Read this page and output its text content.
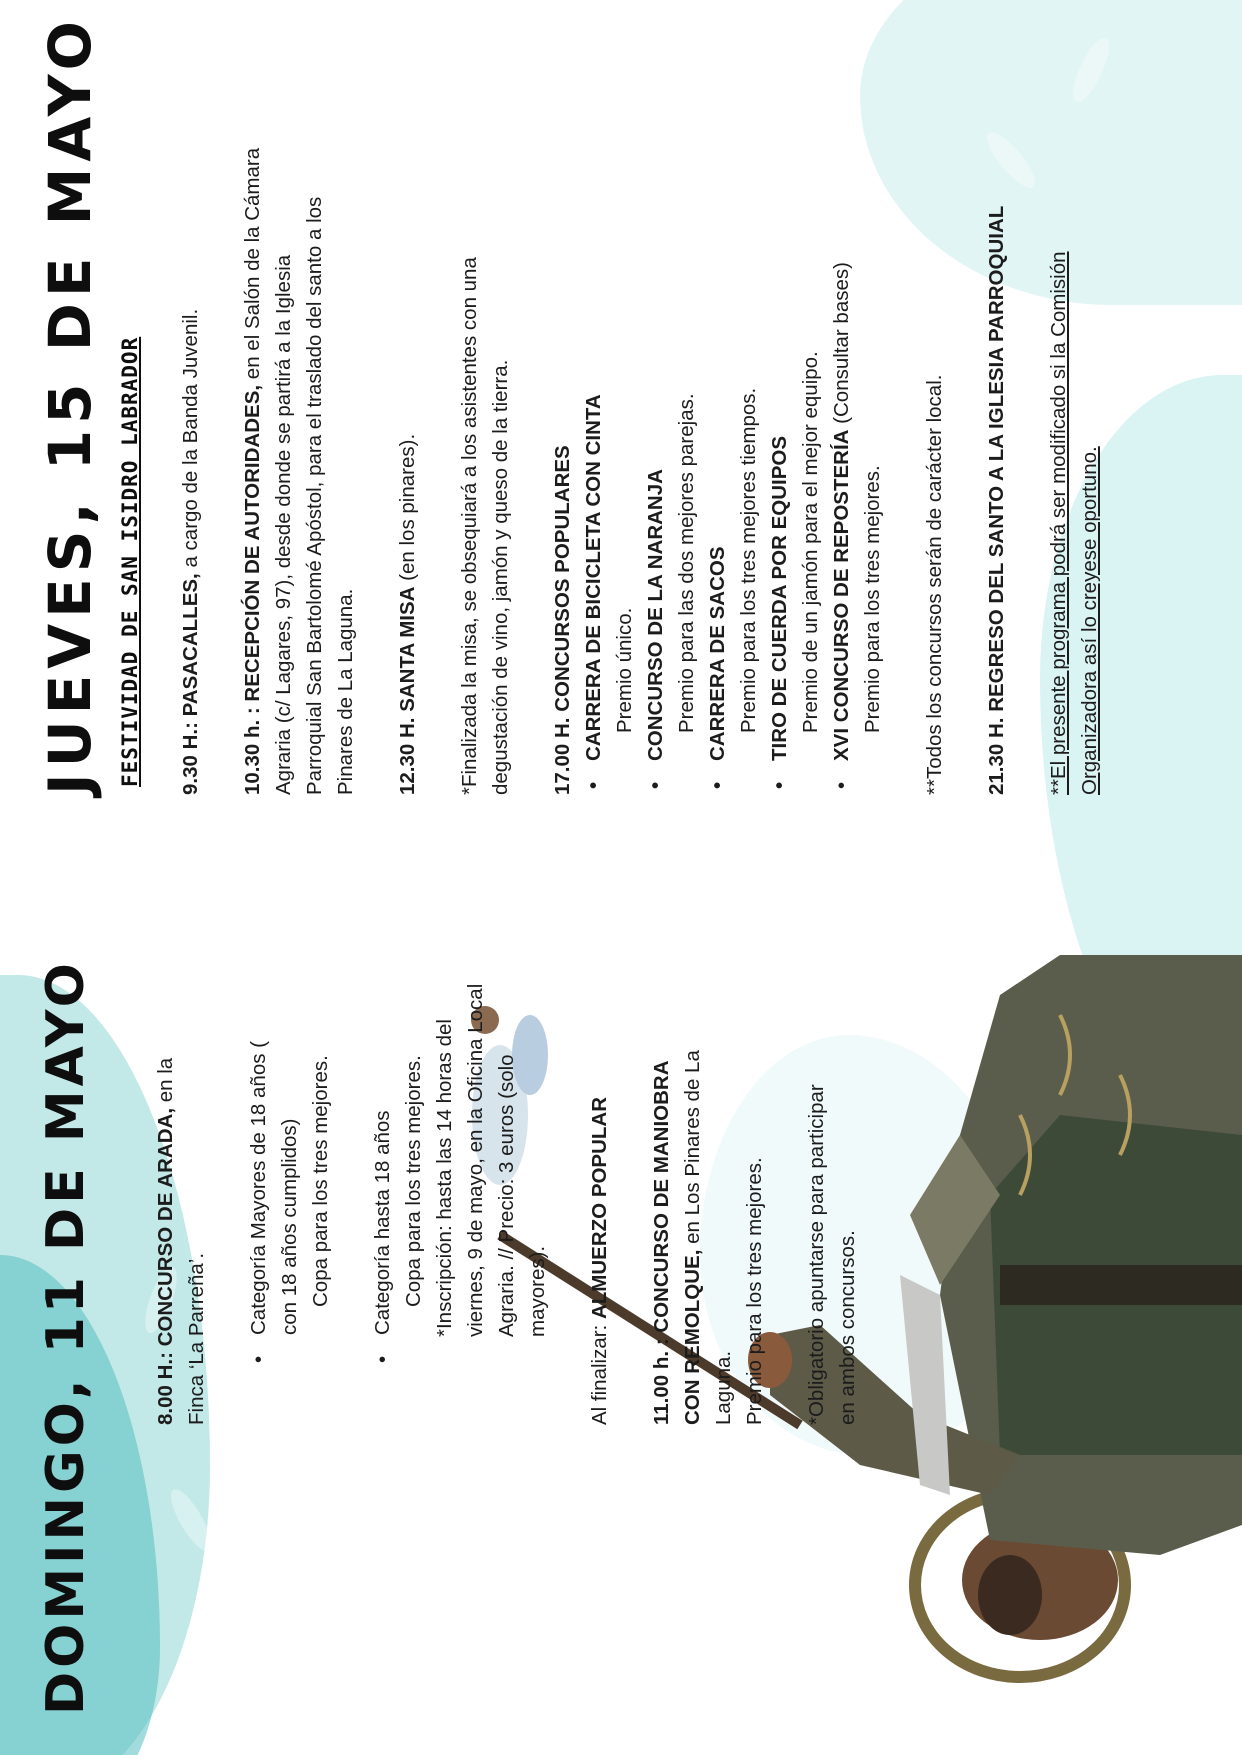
DOMINGO, 11 DE MAYO	8.00 H.: CONCURSO DE ARADA, en la

Finca ‘La Parreña’.

• Categoría Mayores de 18 años ( con 18 años cumplidos) Copa para los tres mejores. • Categoría hasta 18 años Copa para los tres mejores. *Inscripción: hasta las 14 horas del viernes, 9 de mayo, en la Oficina Local Agraria. // Precio: 3 euros (solo mayores).

Al finalizar: ALMUERZO POPULAR 11.00 h. : CONCURSO DE MANIOBRA CON REMOLQUE, en Los Pinares de La

Laguna. Premio para los tres mejores. *Obligatorio apuntarse para participar en ambos concursos.

JUEVES, 15 DE MAYO FESTIVIDAD DE SAN ISIDRO LABRADOR 9.30 H.: PASACALLES, a cargo de la Banda Juvenil. 10.30 h. : RECEPCIÓN DE AUTORIDADES, en el Salón de la Cámara Agraria (c/ Lagares, 97), desde donde se partirá a la Iglesia Parroquial San Bartolomé Apóstol, para el traslado del santo a los Pinares de La Laguna. 12.30 H. SANTA MISA (en los pinares). *Finalizada la misa, se obsequiará a los asistentes con una degustación de vino, jamón y queso de la tierra. 17.00 H. CONCURSOS POPULARES • CARRERA DE BICICLETA CON CINTA Premio único. • CONCURSO DE LA NARANJA Premio para las dos mejores parejas. • CARRERA DE SACOS Premio para los tres mejores tiempos. • TIRO DE CUERDA POR EQUIPOS Premio de un jamón para el mejor equipo. • XVI CONCURSO DE REPOSTERÍA (Consultar bases)

Premio para los tres mejores. **Todos los concursos serán de carácter local. 21.30 H. REGRESO DEL SANTO A LA IGLESIA PARROQUIAL **El presente programa podrá ser modificado si la Comisión Organizadora así lo creyese oportuno.
